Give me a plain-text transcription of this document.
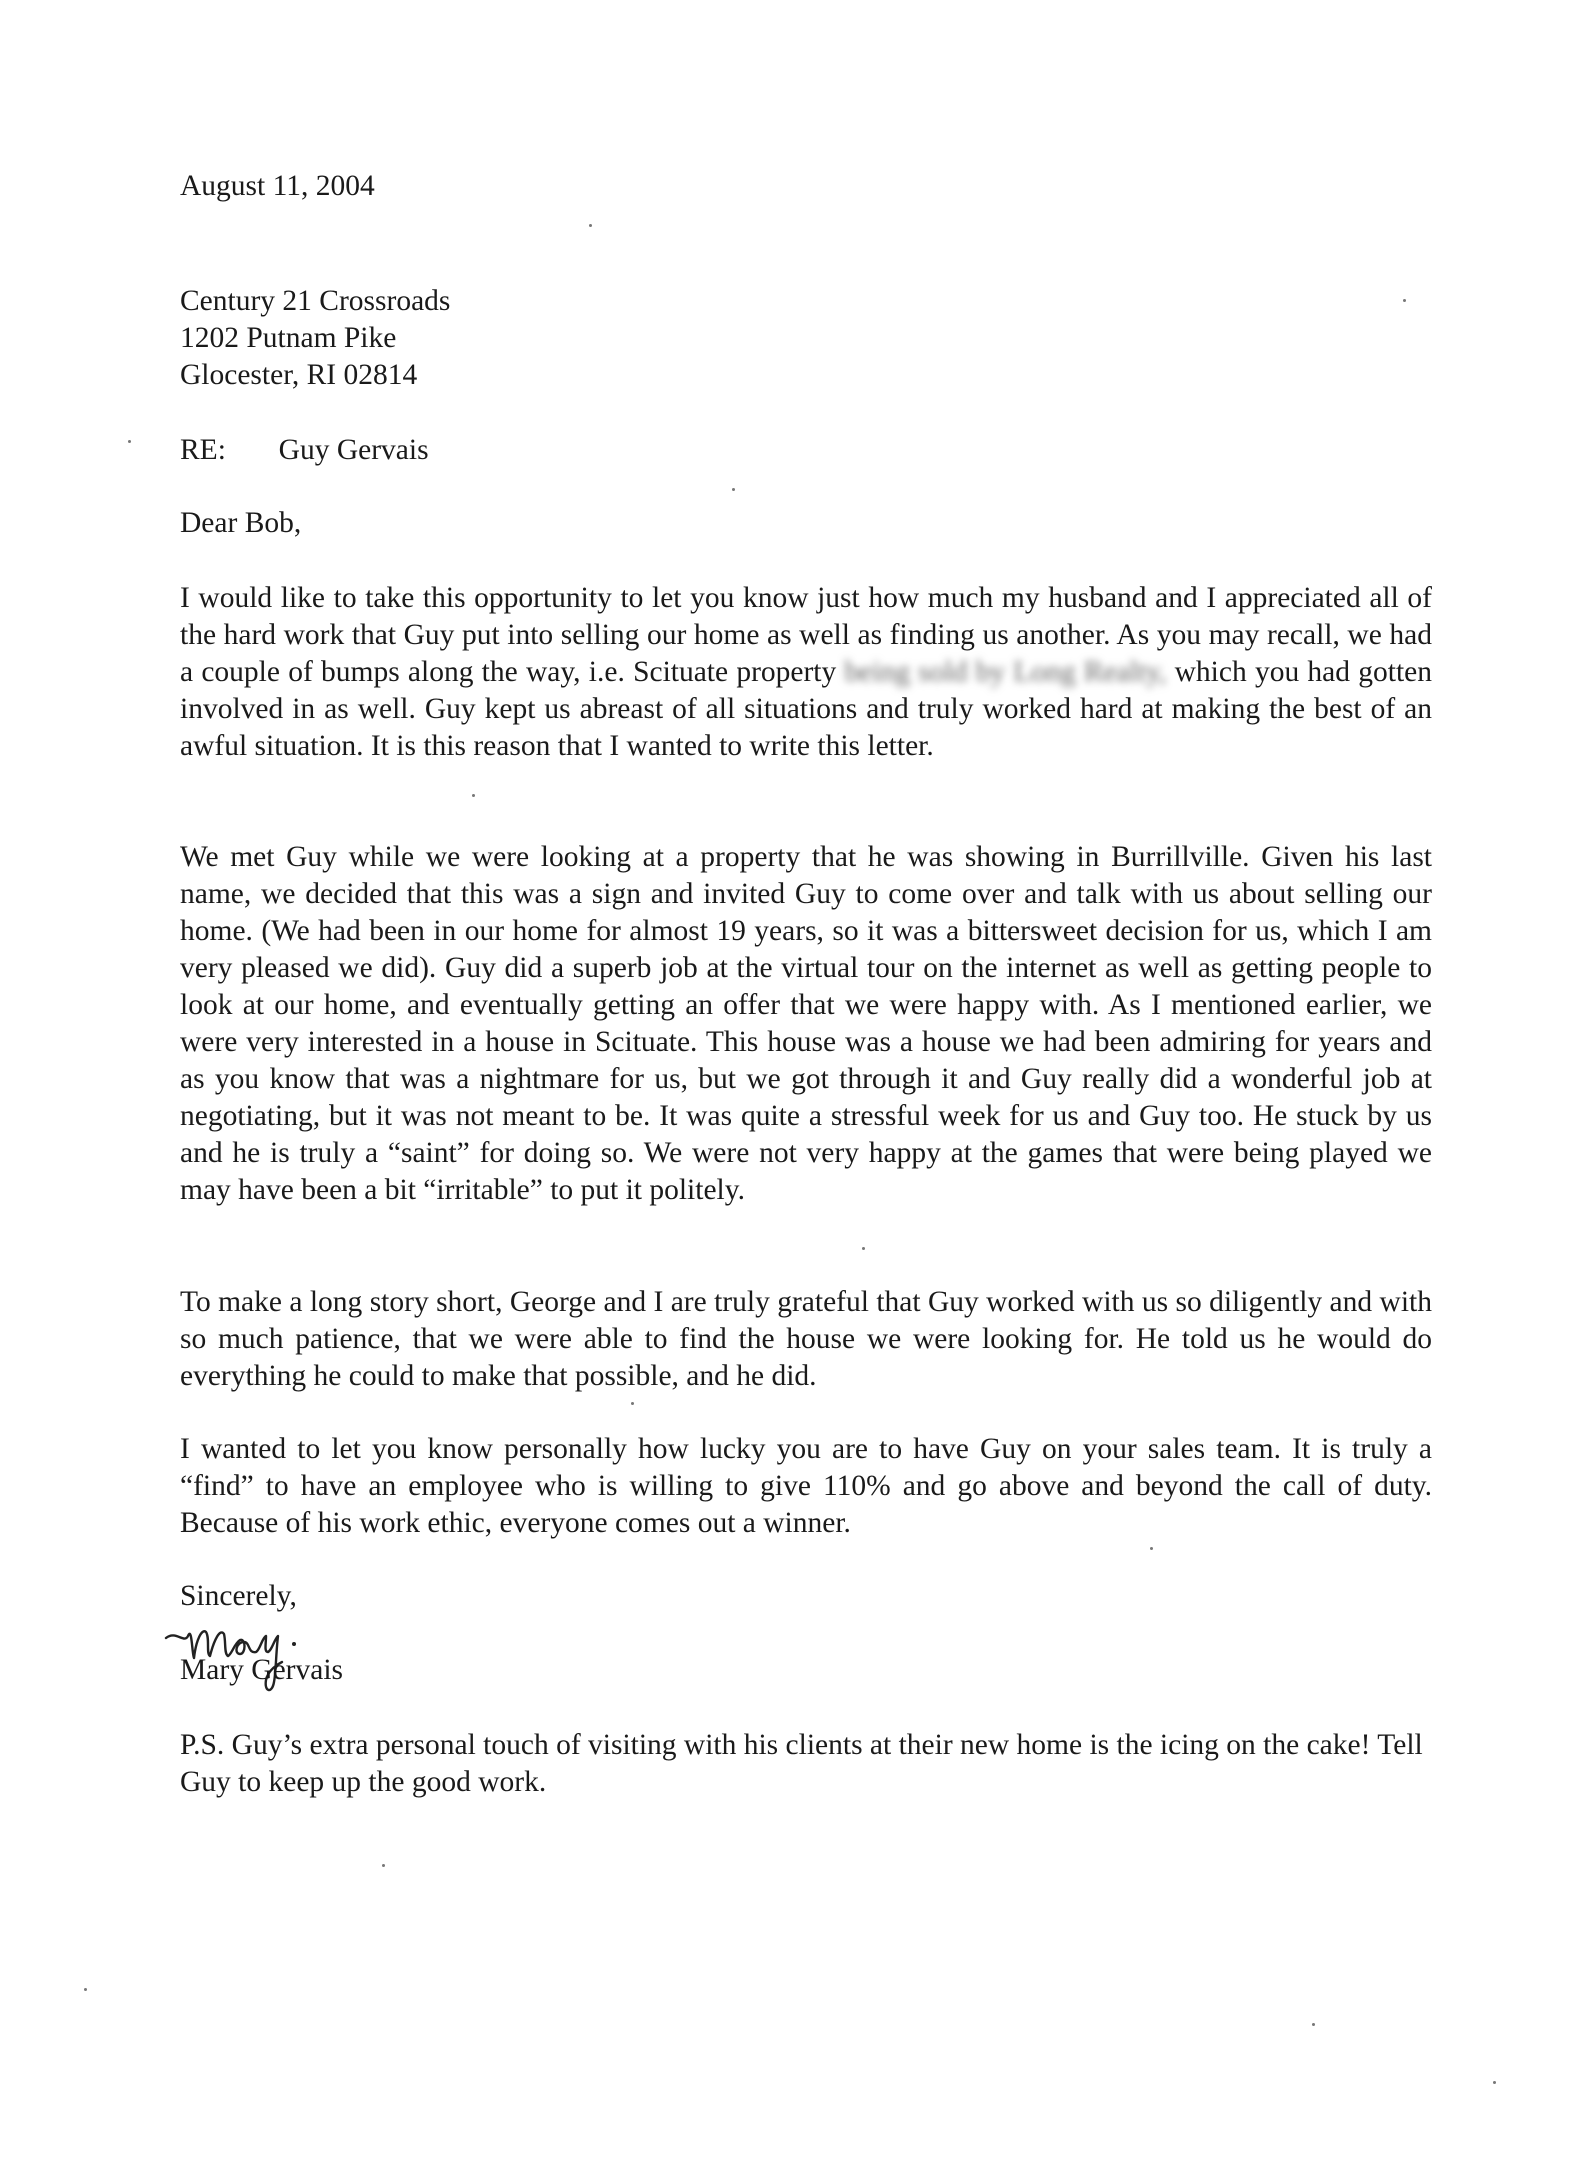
August 11, 2004
Century 21 Crossroads
1202 Putnam Pike
Glocester, RI 02814
RE: Guy Gervais
Dear Bob,
I would like to take this opportunity to let you know just how much my husband and I appreciated all of the hard work that Guy put into selling our home as well as finding us another. As you may recall, we had a couple of bumps along the way, i.e. Scituate property being sold by Long Realty, which you had gotten involved in as well. Guy kept us abreast of all situations and truly worked hard at making the best of an awful situation. It is this reason that I wanted to write this letter.
We met Guy while we were looking at a property that he was showing in Burrillville. Given his last name, we decided that this was a sign and invited Guy to come over and talk with us about selling our home. (We had been in our home for almost 19 years, so it was a bittersweet decision for us, which I am very pleased we did). Guy did a superb job at the virtual tour on the internet as well as getting people to look at our home, and eventually getting an offer that we were happy with. As I mentioned earlier, we were very interested in a house in Scituate. This house was a house we had been admiring for years and as you know that was a nightmare for us, but we got through it and Guy really did a wonderful job at negotiating, but it was not meant to be. It was quite a stressful week for us and Guy too. He stuck by us and he is truly a “saint” for doing so. We were not very happy at the games that were being played we may have been a bit “irritable” to put it politely.
To make a long story short, George and I are truly grateful that Guy worked with us so diligently and with so much patience, that we were able to find the house we were looking for. He told us he would do everything he could to make that possible, and he did.
I wanted to let you know personally how lucky you are to have Guy on your sales team. It is truly a “find” to have an employee who is willing to give 110% and go above and beyond the call of duty. Because of his work ethic, everyone comes out a winner.
Sincerely,
Mary Gervais
P.S. Guy’s extra personal touch of visiting with his clients at their new home is the icing on the cake! Tell Guy to keep up the good work.
